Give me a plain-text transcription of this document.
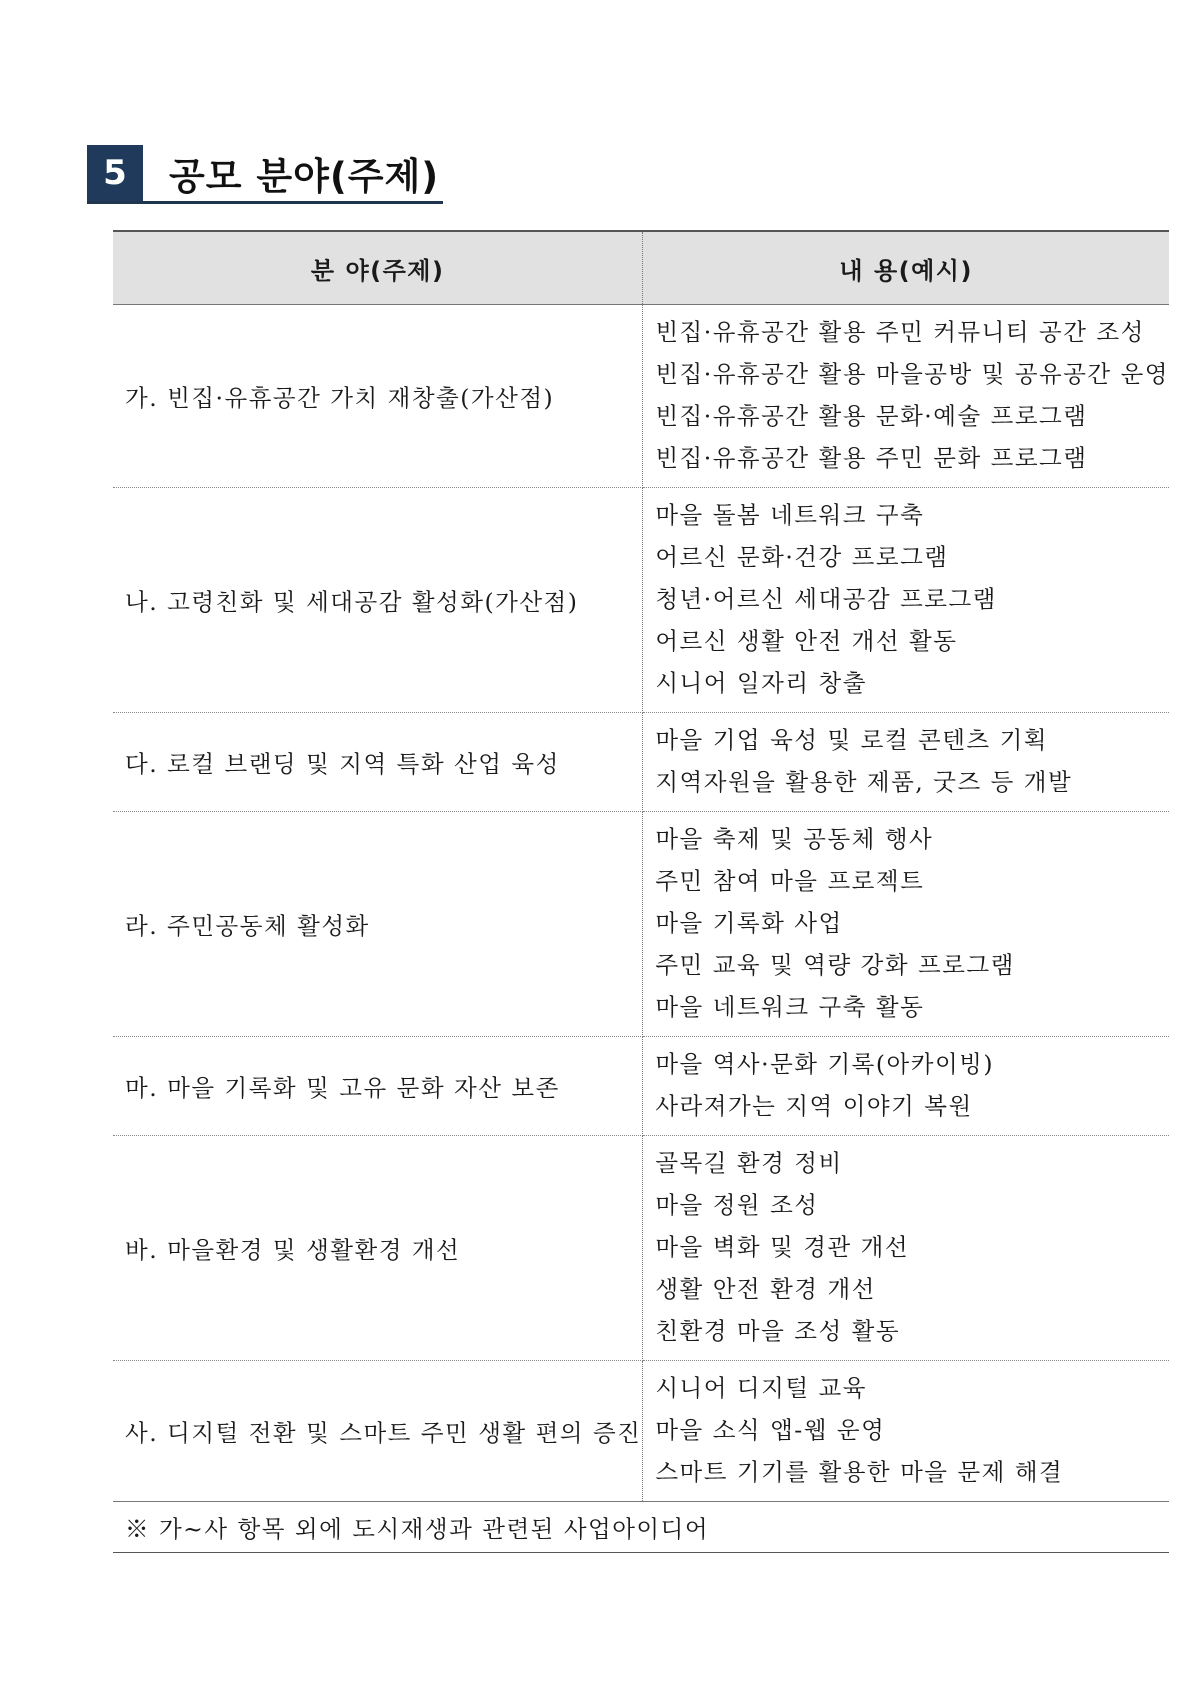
5	공모 분야(주제)
분 야(주제)	내 용(예시)
가. 빈집·유휴공간 가치 재창출(가산점)	빈집·유휴공간 활용 주민 커뮤니티 공간 조성
빈집·유휴공간 활용 마을공방 및 공유공간 운영
빈집·유휴공간 활용 문화·예술 프로그램
빈집·유휴공간 활용 주민 문화 프로그램

나. 고령친화 및 세대공감 활성화(가산점)	마을 돌봄 네트워크 구축
어르신 문화·건강 프로그램
청년·어르신 세대공감 프로그램
어르신 생활 안전 개선 활동
시니어 일자리 창출

다. 로컬 브랜딩 및 지역 특화 산업 육성	마을 기업 육성 및 로컬 콘텐츠 기획
지역자원을 활용한 제품, 굿즈 등 개발

라. 주민공동체 활성화	마을 축제 및 공동체 행사
주민 참여 마을 프로젝트
마을 기록화 사업
주민 교육 및 역량 강화 프로그램
마을 네트워크 구축 활동

마. 마을 기록화 및 고유 문화 자산 보존	마을 역사·문화 기록(아카이빙)
사라져가는 지역 이야기 복원

바. 마을환경 및 생활환경 개선	골목길 환경 정비
마을 정원 조성
마을 벽화 및 경관 개선
생활 안전 환경 개선
친환경 마을 조성 활동

사. 디지털 전환 및 스마트 주민 생활 편의 증진	시니어 디지털 교육
마을 소식 앱-웹 운영
스마트 기기를 활용한 마을 문제 해결

※ 가~사 항목 외에 도시재생과 관련된 사업아이디어	
